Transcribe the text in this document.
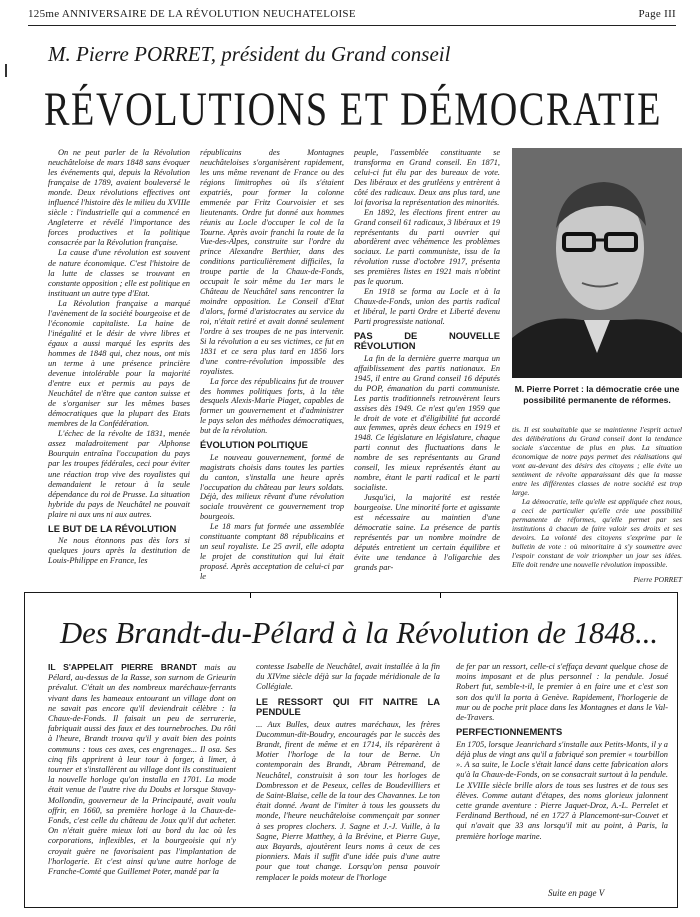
125me ANNIVERSAIRE DE LA RÉVOLUTION NEUCHATELOISE	Page III
M. Pierre PORRET, président du Grand conseil
RÉVOLUTIONS ET DÉMOCRATIE

On ne peut parler de la Révolution neuchâteloise de mars 1848 sans évoquer les événements qui, depuis la Révolution française de 1789, avaient bouleversé le monde. Deux révolutions effectives ont influencé l'histoire dès le milieu du XVIIIe siècle : l'industrielle qui a commencé en Angleterre et révélé l'importance des forces productives et la politique consacrée par la Révolution française.

La cause d'une révolution est souvent de nature économique. C'est l'histoire de la lutte de classes se trouvant en constante opposition ; elle est politique en instituant un autre type d'Etat.

La Révolution française a marqué l'avènement de la société bourgeoise et de l'économie capitaliste. La haine de l'inégalité et le désir de vivre libres et égaux a aussi marqué les esprits des hommes de 1848 qui, chez nous, ont mis un terme à une présence princière devenue intolérable pour la majorité d'entre eux et permis au pays de Neuchâtel de n'être que canton suisse et de s'organiser sur les mêmes bases démocratiques que la plupart des Etats membres de la Confédération.

L'échec de la révolte de 1831, menée assez maladroitement par Alphonse Bourquin entraîna l'occupation du pays par les troupes fédérales, ceci pour éviter une réaction trop vive des royalistes qui demandaient le retour à la seule dépendance du roi de Prusse. La situation hybride du pays de Neuchâtel ne pouvait plaire ni aux uns ni aux autres.

LE BUT DE LA RÉVOLUTION

Ne nous étonnons pas dès lors si quelques jours après la destitution de Louis-Philippe en France, les

républicains des Montagnes neuchâteloises s'organisèrent rapidement, les uns même revenant de France ou des régions limitrophes où ils s'étaient expatriés, pour former la colonne emmenée par Fritz Courvoisier et ses lieutenants. Ordre fut donné aux hommes réunis au Locle d'occuper le col de la Tourne. Après avoir franchi la route de la Vue-des-Alpes, construite sur l'ordre du prince Alexandre Berthier, dans des conditions particulièrement difficiles, la troupe partie de la Chaux-de-Fonds, occupait le soir même du 1er mars le Château de Neuchâtel sans rencontrer la moindre opposition. Le Conseil d'Etat d'alors, formé d'aristocrates au service du roi, n'était retiré et avait donné seulement l'ordre à ses troupes de ne pas intervenir. Si la révolution a eu ses victimes, ce fut en 1831 et ce sera plus tard en 1856 lors d'une contre-révolution impossible des royalistes.

La force des républicains fut de trouver des hommes politiques forts, à la tête desquels Alexis-Marie Piaget, capables de former un gouvernement et d'administrer le pays selon des méthodes démocratiques, but de la révolution.

ÉVOLUTION POLITIQUE

Le nouveau gouvernement, formé de magistrats choisis dans toutes les parties du canton, s'installa une heure après l'occupation du château par leurs soldats. Déjà, des milieux rêvant d'une révolution sociale trouvèrent ce gouvernement trop bourgeois.

Le 18 mars fut formée une assemblée constituante comptant 88 républicains et un seul royaliste. Le 25 avril, elle adopta le projet de constitution qui lui était proposé. Après acceptation de celui-ci par le

peuple, l'assemblée constituante se transforma en Grand conseil. En 1871, celui-ci fut élu par des bureaux de vote. Des libéraux et des grutléens y entrèrent à côté des radicaux. Deux ans plus tard, une loi favorisa la représentation des minorités.

En 1892, les élections firent entrer au Grand conseil 61 radicaux, 3 libéraux et 19 représentants du parti ouvrier qui abordèrent avec véhémence les problèmes sociaux. Le parti communiste, issu de la révolution russe d'octobre 1917, présenta ses premières listes en 1921 mais n'obtint pas le quorum.

En 1918 se forma au Locle et à la Chaux-de-Fonds, union des partis radical et libéral, le parti Ordre et Liberté devenu Parti progressiste national.

PAS DE NOUVELLE RÉVOLUTION

La fin de la dernière guerre marqua un affaiblissement des partis nationaux. En 1945, il entre au Grand conseil 16 députés du POP, émanation du parti communiste. Les partis traditionnels retrouvèrent leurs assises dès 1949. Ce n'est qu'en 1959 que le droit de vote et d'éligibilité fut accordé aux femmes, après deux échecs en 1919 et 1948. Ce législature en législature, chaque parti connut des fluctuations dans le nombre de ses représentants au Grand conseil, les mieux représentés étant au nombre, étant le parti radical et le parti socialiste.

Jusqu'ici, la majorité est restée bourgeoise. Une minorité forte et agissante est nécessaire au maintien d'une démocratie saine. La présence de partis représentés par un nombre moindre de députés entretient un certain équilibre et évite une tendance à l'oligarchie des grands par-

M. Pierre Porret : la démocratie crée une possibilité permanente de réformes.

tis. Il est souhaitable que se maintienne l'esprit actuel des délibérations du Grand conseil dont la tendance sociale s'accentue de plus en plus. La situation économique de notre pays permet des réalisations qui vont au-devant des désirs des citoyens ; elle évite un sentiment de révolte apparaissant dès que la masse entre les différentes classes de notre société est trop large.

La démocratie, telle qu'elle est appliquée chez nous, a ceci de particulier qu'elle crée une possibilité permanente de réformes, qu'elle permet par ses institutions à chacun de faire valoir ses droits et ses devoirs. La volonté des citoyens s'exprime par le bulletin de vote : où minoritaire à s'y soumettre avec l'espoir constant de voir triompher un jour ses idées. Elle doit rendre une nouvelle révolution impossible.

Pierre PORRET

Des Brandt-du-Pélard à la Révolution de 1848...

IL S'APPELAIT PIERRE BRANDT mais au Pélard, au-dessus de la Rasse, son surnom de Grieurin prévalut. C'était un des nombreux maréchaux-ferrants vivant dans les hameaux entourant un village dont on ne savait pas encore qu'il deviendrait célèbre : la Chaux-de-Fonds. Il faisait un peu de serrurerie, fabriquait aussi des faux et des tournebroches. Du rôti à l'heure, Brandt trouva qu'il y avait bien des points communs : tous ces axes, ces engrenages... Il osa. Ses cinq fils apprirent à leur tour à forger, à limer, à tourner et s'installèrent au village dont ils constituaient la nouvelle horloge qu'on installa en 1701. La mode était venue de l'autre rive du Doubs et lorsque Stavay-Mollondin, gouverneur de la Principauté, avait voulu offrir, en 1660, sa première horloge à la Chaux-de-Fonds, c'est celle du château de Joux qu'il dut acheter. On n'était guère mieux loti au bord du lac où les corporations, inflexibles, et la bourgeoisie qui n'y croyait guère ne favorisaient pas l'implantation de l'horlogerie. Et c'est ainsi qu'une autre horloge de Franche-Comté que Guillemet Poter, mandé par la

contesse Isabelle de Neuchâtel, avait installée à la fin du XIVme siècle déjà sur la façade méridionale de la Collégiale.

LE RESSORT QUI FIT NAITRE LA PENDULE

... Aux Bulles, deux autres maréchaux, les frères Ducommun-dit-Boudry, encouragés par le succès des Brandt, firent de même et en 1714, ils réparèrent à Motier l'horloge de la tour de Berne. Un contemporain des Brandt, Abram Pétremand, de Neuchâtel, construisit à son tour les horloges de Dombresson et de Peseux, celles de Boudevilliers et de Saint-Blaise, celle de la tour des Chavannes. Le ton était donné. Avant de l'imiter à tous les goussets du monde, l'heure neuchâteloise commençait par sonner à ses propres clochers. J. Sagne et J.-J. Vuille, à la Sagne, Pierre Matthey, à la Brévine, et Pierre Guye, aux Bayards, ajoutèrent leurs noms à ceux de ces pionniers. Mais il suffit d'une idée puis d'une autre pour que tout change. Lorsqu'on pensa pouvoir remplacer le poids moteur de l'horloge

de fer par un ressort, celle-ci s'effaça devant quelque chose de moins imposant et de plus personnel : la pendule. Josué Robert fut, semble-t-il, le premier à en faire une et c'est son son dos qu'il la porta à Genève. Rapidement, l'horlogerie de mur ou de poche prit place dans les Montagnes et dans le Val-de-Travers.

PERFECTIONNEMENTS

En 1705, lorsque Jeanrichard s'installe aux Petits-Monts, il y a déjà plus de vingt ans qu'il a fabriqué son premier « tourbillon ». A sa suite, le Locle s'était lancé dans cette fabrication alors qu'à la Chaux-de-Fonds, on se consacrait surtout à la pendule. Le XVIIIe siècle brille alors de tous ses lustres et de tous ses élèves. Comme autant d'étapes, des noms glorieux jalonnent cette grande aventure : Pierre Jaquet-Droz, A.-L. Perrelet et Ferdinand Berthoud, né en 1727 à Plancemont-sur-Couvet et qui n'avait que 33 ans lorsqu'il mit au point, à Paris, la première horloge marine.

Suite en page V
